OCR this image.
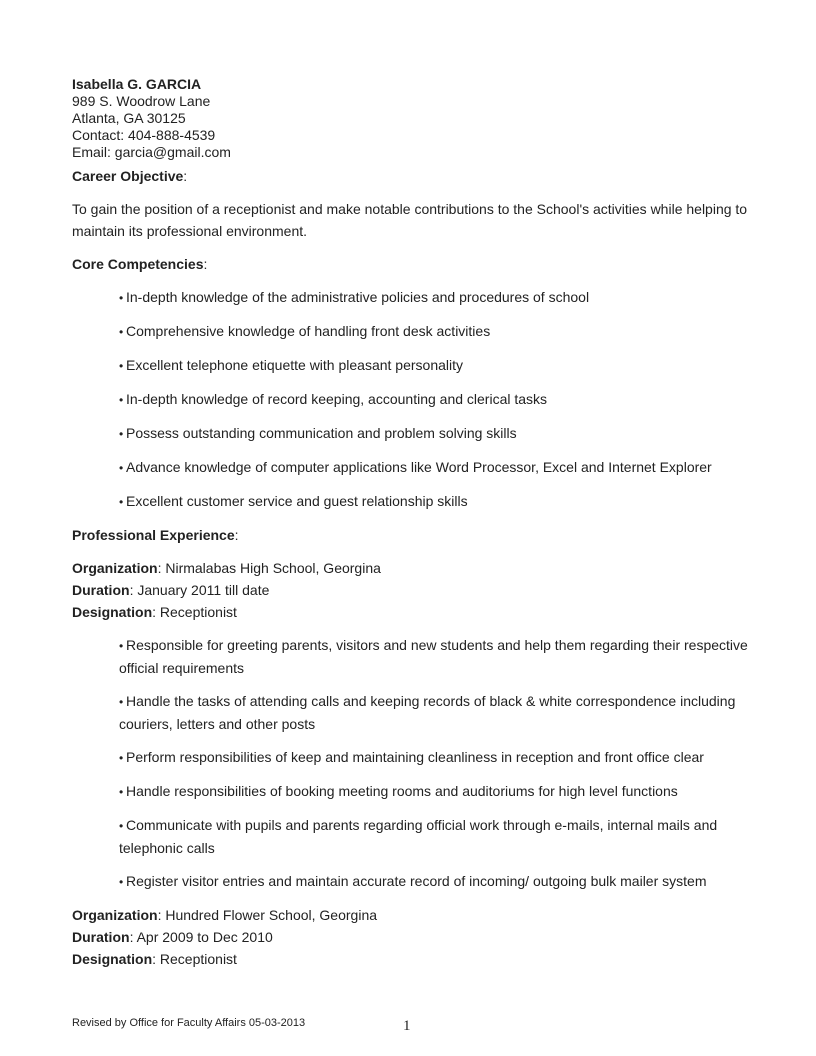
Isabella G. GARCIA
989 S. Woodrow Lane
Atlanta, GA 30125
Contact: 404-888-4539
Email: garcia@gmail.com
Career Objective:
To gain the position of a receptionist and make notable contributions to the School's activities while helping to maintain its professional environment.
Core Competencies:
• In-depth knowledge of the administrative policies and procedures of school
• Comprehensive knowledge of handling front desk activities
• Excellent telephone etiquette with pleasant personality
• In-depth knowledge of record keeping, accounting and clerical tasks
• Possess outstanding communication and problem solving skills
• Advance knowledge of computer applications like Word Processor, Excel and Internet Explorer
• Excellent customer service and guest relationship skills
Professional Experience:
Organization: Nirmalabas High School, Georgina
Duration: January 2011 till date
Designation: Receptionist
• Responsible for greeting parents, visitors and new students and help them regarding their respective official requirements
• Handle the tasks of attending calls and keeping records of black & white correspondence including couriers, letters and other posts
• Perform responsibilities of keep and maintaining cleanliness in reception and front office clear
• Handle responsibilities of booking meeting rooms and auditoriums for high level functions
• Communicate with pupils and parents regarding official work through e-mails, internal mails and telephonic calls
• Register visitor entries and maintain accurate record of incoming/ outgoing bulk mailer system
Organization: Hundred Flower School, Georgina
Duration: Apr 2009 to Dec 2010
Designation: Receptionist
Revised by Office for Faculty Affairs 05-03-2013	1
